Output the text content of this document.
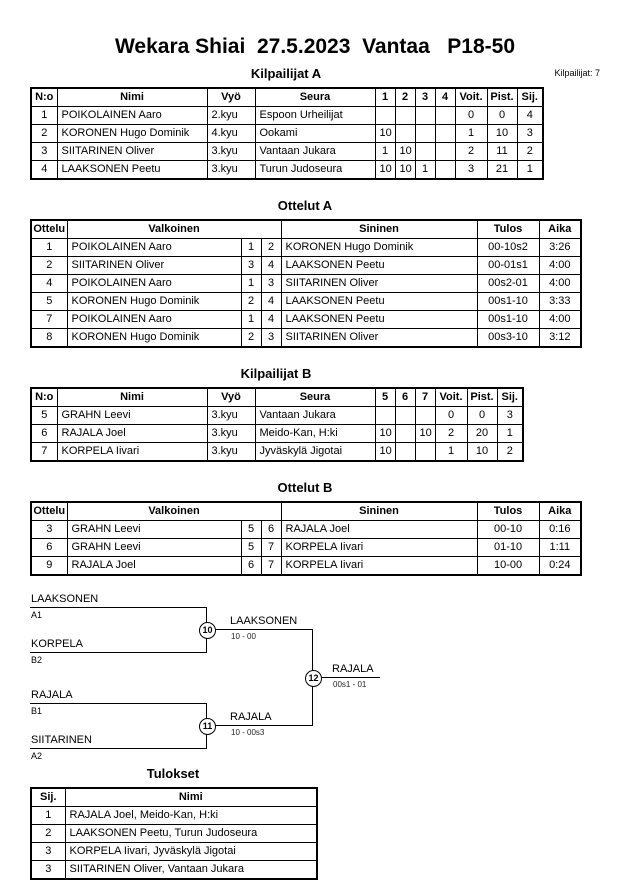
Wekara Shiai  27.5.2023  Vantaa   P18-50
Kilpailijat: 7
Kilpailijat A
N:o	Nimi	Vyö	Seura	1	2	3	4	Voit.	Pist.	Sij.
1	POIKOLAINEN Aaro	2.kyu	Espoon Urheilijat					0	0	4
2	KORONEN Hugo Dominik	4.kyu	Ookami	10				1	10	3
3	SIITARINEN Oliver	3.kyu	Vantaan Jukara	1	10			2	11	2
4	LAAKSONEN Peetu	3.kyu	Turun Judoseura	10	10	1		3	21	1
Ottelut A
Ottelu	Valkoinen			Sininen	Tulos	Aika
1	POIKOLAINEN Aaro	1	2	KORONEN Hugo Dominik	00-10s2	3:26
2	SIITARINEN Oliver	3	4	LAAKSONEN Peetu	00-01s1	4:00
4	POIKOLAINEN Aaro	1	3	SIITARINEN Oliver	00s2-01	4:00
5	KORONEN Hugo Dominik	2	4	LAAKSONEN Peetu	00s1-10	3:33
7	POIKOLAINEN Aaro	1	4	LAAKSONEN Peetu	00s1-10	4:00
8	KORONEN Hugo Dominik	2	3	SIITARINEN Oliver	00s3-10	3:12
Kilpailijat B
N:o	Nimi	Vyö	Seura	5	6	7	Voit.	Pist.	Sij.
5	GRAHN Leevi	3.kyu	Vantaan Jukara				0	0	3
6	RAJALA Joel	3.kyu	Meido-Kan, H:ki	10		10	2	20	1
7	KORPELA Iivari	3.kyu	Jyväskylä Jigotai	10			1	10	2
Ottelut B
Ottelu	Valkoinen			Sininen	Tulos	Aika
3	GRAHN Leevi	5	6	RAJALA Joel	00-10	0:16
6	GRAHN Leevi	5	7	KORPELA Iivari	01-10	1:11
9	RAJALA Joel	6	7	KORPELA Iivari	10-00	0:24
LAAKSONEN
A1
KORPELA
B2
10
LAAKSONEN
10 - 00
RAJALA
B1
SIITARINEN
A2
11
RAJALA
10 - 00s3
12
RAJALA
00s1 - 01
Tulokset
Sij.	Nimi
1	RAJALA Joel, Meido-Kan, H:ki
2	LAAKSONEN Peetu, Turun Judoseura
3	KORPELA Iivari, Jyväskylä Jigotai
3	SIITARINEN Oliver, Vantaan Jukara
